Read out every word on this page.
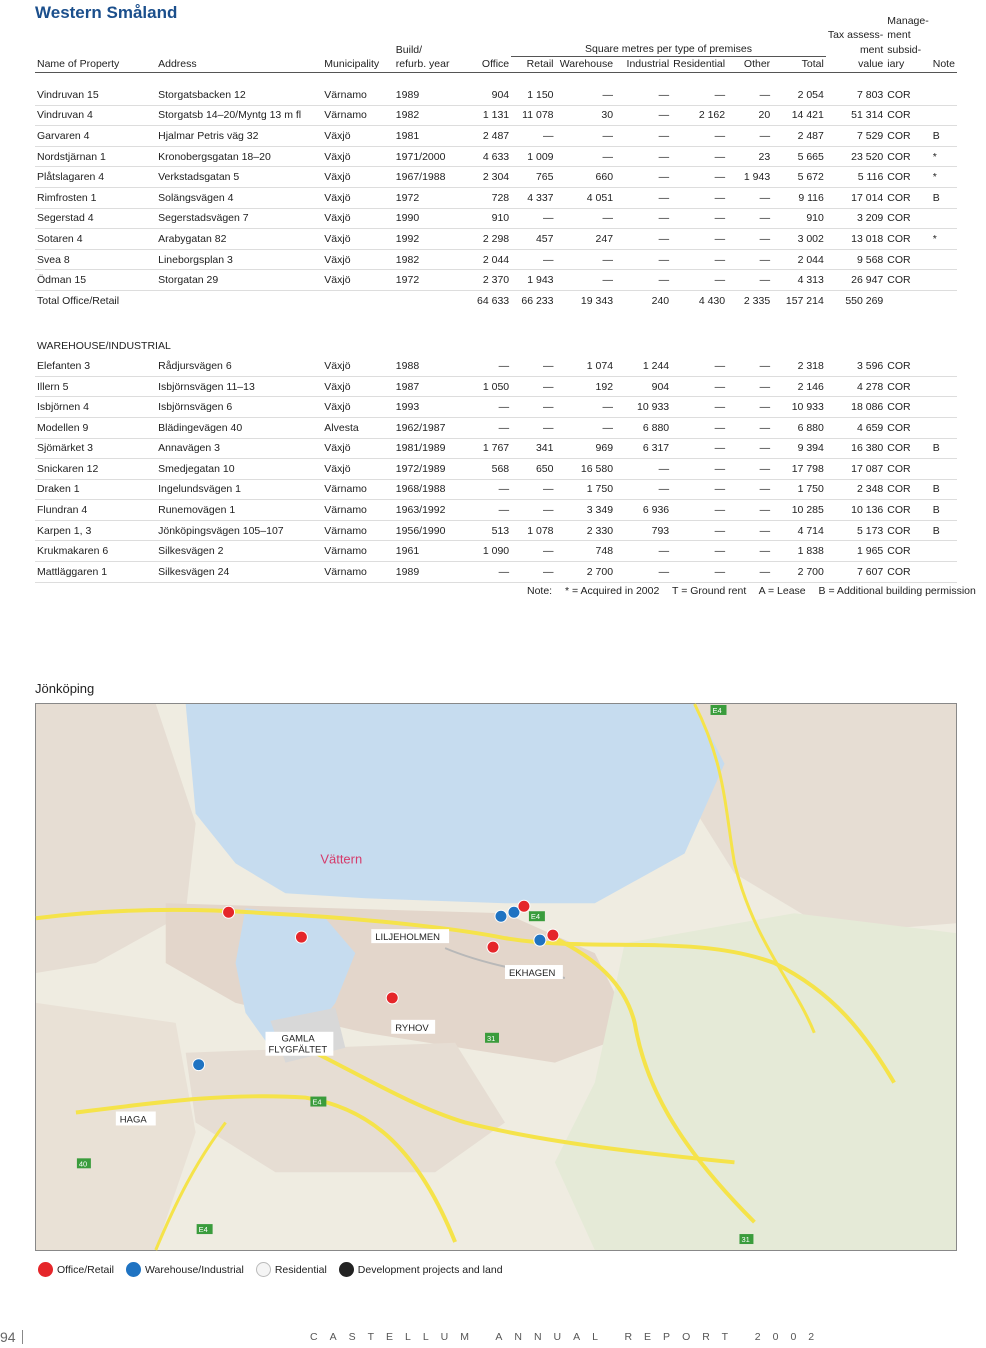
Western Småland
												Manage-	
											Tax assess-	ment	
			Build/		Square metres per type of premises						ment	subsid-	
Name of Property	Address	Municipality	refurb. year	Office	Retail	Warehouse	Industrial	Residential	Other	Total	value	iary	Note

Vindruvan 15	Storgatsbacken 12	Värnamo	1989	904	1 150	—	—	—	—	2 054	7 803	COR	
Vindruvan 4	Storgatsb 14–20/Myntg 13 m fl	Värnamo	1982	1 131	11 078	30	—	2 162	20	14 421	51 314	COR	
Garvaren 4	Hjalmar Petris väg 32	Växjö	1981	2 487	—	—	—	—	—	2 487	7 529	COR	B
Nordstjärnan 1	Kronobergsgatan 18–20	Växjö	1971/2000	4 633	1 009	—	—	—	23	5 665	23 520	COR	*
Plåtslagaren 4	Verkstadsgatan 5	Växjö	1967/1988	2 304	765	660	—	—	1 943	5 672	5 116	COR	*
Rimfrosten 1	Solängsvägen 4	Växjö	1972	728	4 337	4 051	—	—	—	9 116	17 014	COR	B
Segerstad 4	Segerstadsvägen 7	Växjö	1990	910	—	—	—	—	—	910	3 209	COR	
Sotaren 4	Arabygatan 82	Växjö	1992	2 298	457	247	—	—	—	3 002	13 018	COR	*
Svea 8	Lineborgsplan 3	Växjö	1982	2 044	—	—	—	—	—	2 044	9 568	COR	
Ödman 15	Storgatan 29	Växjö	1972	2 370	1 943	—	—	—	—	4 313	26 947	COR	
Total Office/Retail				64 633	66 233	19 343	240	4 430	2 335	157 214	550 269		

WAREHOUSE/INDUSTRIAL													
Elefanten 3	Rådjursvägen 6	Växjö	1988	—	—	1 074	1 244	—	—	2 318	3 596	COR	
Illern 5	Isbjörnsvägen 11–13	Växjö	1987	1 050	—	192	904	—	—	2 146	4 278	COR	
Isbjörnen 4	Isbjörnsvägen 6	Växjö	1993	—	—	—	10 933	—	—	10 933	18 086	COR	
Modellen 9	Blädingevägen 40	Alvesta	1962/1987	—	—	—	6 880	—	—	6 880	4 659	COR	
Sjömärket 3	Annavägen 3	Växjö	1981/1989	1 767	341	969	6 317	—	—	9 394	16 380	COR	B
Snickaren 12	Smedjegatan 10	Växjö	1972/1989	568	650	16 580	—	—	—	17 798	17 087	COR	
Draken 1	Ingelundsvägen 1	Värnamo	1968/1988	—	—	1 750	—	—	—	1 750	2 348	COR	B
Flundran 4	Runemovägen 1	Värnamo	1963/1992	—	—	3 349	6 936	—	—	10 285	10 136	COR	B
Karpen 1, 3	Jönköpingsvägen 105–107	Värnamo	1956/1990	513	1 078	2 330	793	—	—	4 714	5 173	COR	B
Krukmakaren 6	Silkesvägen 2	Värnamo	1961	1 090	—	748	—	—	—	1 838	1 965	COR	
Mattläggaren 1	Silkesvägen 24	Värnamo	1989	—	—	2 700	—	—	—	2 700	7 607	COR	
Note: * = Acquired in 2002 T = Ground rent A = Lease B = Additional building permission
Jönköping
Vättern
LILJEHOLMEN
EKHAGEN
RYHOV
GAMLA
FLYGFÄLTET
HAGA
E4
E4
E4
E4
31
31
40
Office/Retail	Warehouse/Industrial	Residential	Development projects and land
94	CASTELLUM ANNUAL REPORT 2002
